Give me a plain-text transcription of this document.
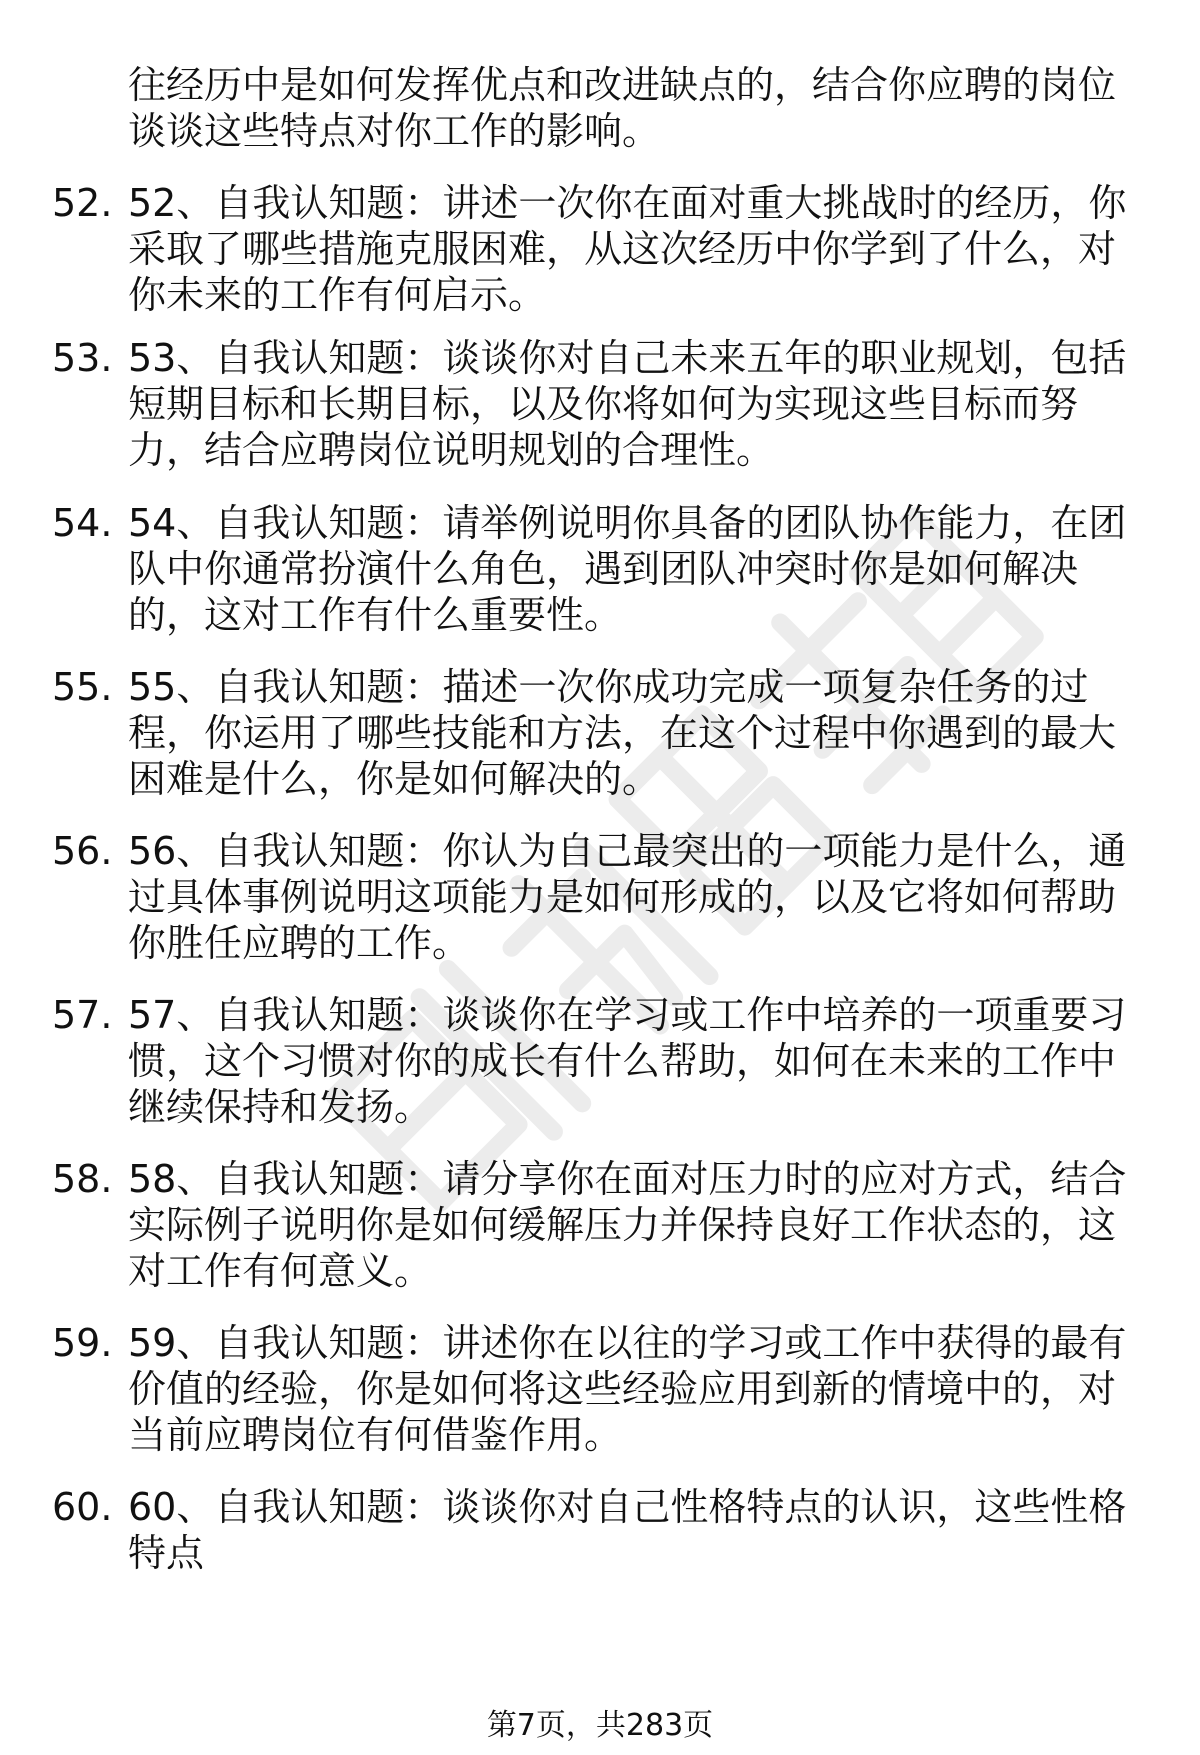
往经历中是如何发挥优点和改进缺点的，结合你应聘的岗位谈谈这些特点对你工作的影响。
52. 52、自我认知题：讲述一次你在面对重大挑战时的经历，你采取了哪些措施克服困难，从这次经历中你学到了什么，对你未来的工作有何启示。
53. 53、自我认知题：谈谈你对自己未来五年的职业规划，包括短期目标和长期目标，以及你将如何为实现这些目标而努力，结合应聘岗位说明规划的合理性。
54. 54、自我认知题：请举例说明你具备的团队协作能力，在团队中你通常扮演什么角色，遇到团队冲突时你是如何解决的，这对工作有什么重要性。
55. 55、自我认知题：描述一次你成功完成一项复杂任务的过程，你运用了哪些技能和方法，在这个过程中你遇到的最大困难是什么，你是如何解决的。
56. 56、自我认知题：你认为自己最突出的一项能力是什么，通过具体事例说明这项能力是如何形成的，以及它将如何帮助你胜任应聘的工作。
57. 57、自我认知题：谈谈你在学习或工作中培养的一项重要习惯，这个习惯对你的成长有什么帮助，如何在未来的工作中继续保持和发扬。
58. 58、自我认知题：请分享你在面对压力时的应对方式，结合实际例子说明你是如何缓解压力并保持良好工作状态的，这对工作有何意义。
59. 59、自我认知题：讲述你在以往的学习或工作中获得的最有价值的经验，你是如何将这些经验应用到新的情境中的，对当前应聘岗位有何借鉴作用。
60. 60、自我认知题：谈谈你对自己性格特点的认识，这些性格特点
第7页，共283页
